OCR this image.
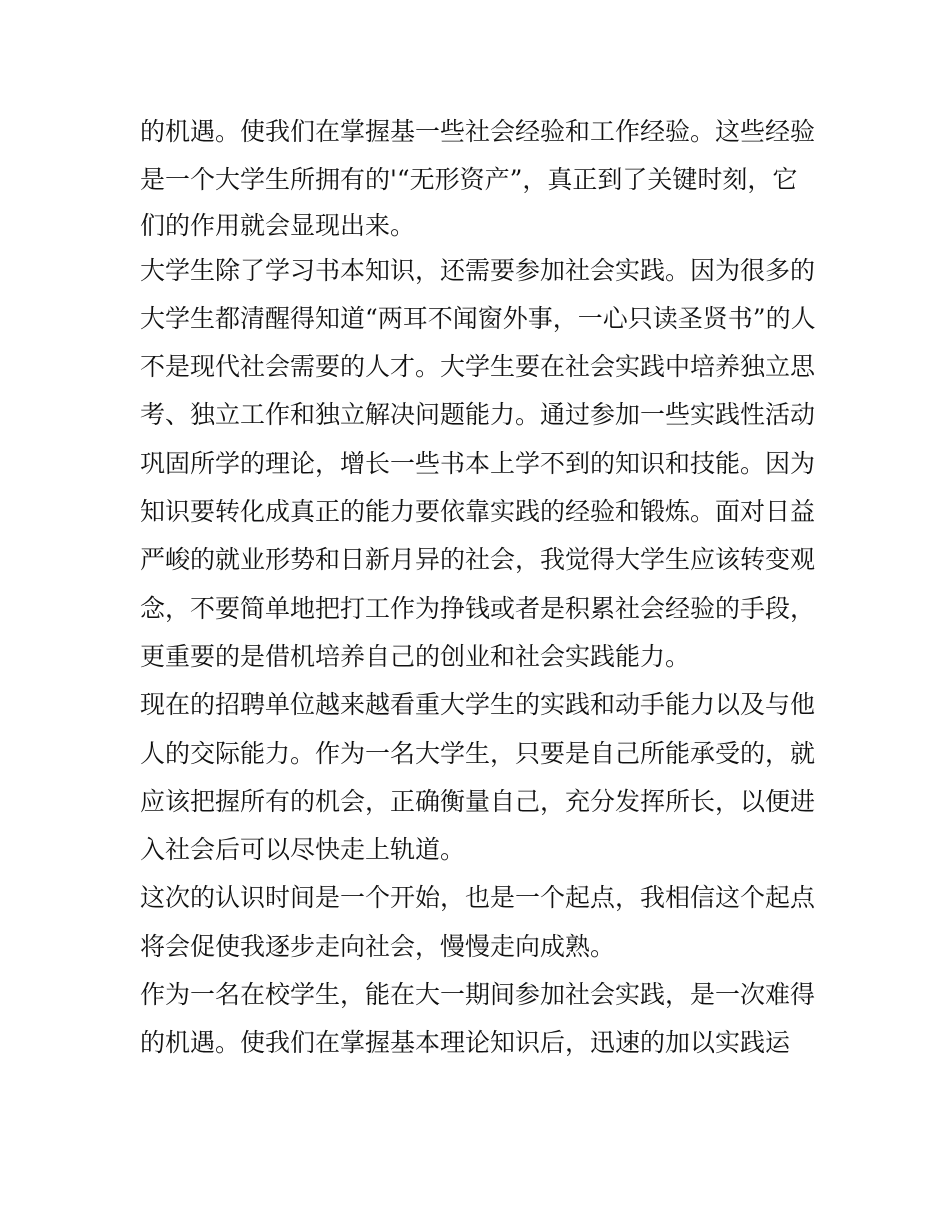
的机遇。使我们在掌握基一些社会经验和工作经验。这些经验

是一个大学生所拥有的'“无形资产”，真正到了关键时刻，它

们的作用就会显现出来。

大学生除了学习书本知识，还需要参加社会实践。因为很多的

大学生都清醒得知道“两耳不闻窗外事，一心只读圣贤书”的人

不是现代社会需要的人才。大学生要在社会实践中培养独立思

考、独立工作和独立解决问题能力。通过参加一些实践性活动

巩固所学的理论，增长一些书本上学不到的知识和技能。因为

知识要转化成真正的能力要依靠实践的经验和锻炼。面对日益

严峻的就业形势和日新月异的社会，我觉得大学生应该转变观

念，不要简单地把打工作为挣钱或者是积累社会经验的手段，

更重要的是借机培养自己的创业和社会实践能力。

现在的招聘单位越来越看重大学生的实践和动手能力以及与他

人的交际能力。作为一名大学生，只要是自己所能承受的，就

应该把握所有的机会，正确衡量自己，充分发挥所长，以便进

入社会后可以尽快走上轨道。

这次的认识时间是一个开始，也是一个起点，我相信这个起点

将会促使我逐步走向社会，慢慢走向成熟。

作为一名在校学生，能在大一期间参加社会实践，是一次难得

的机遇。使我们在掌握基本理论知识后，迅速的加以实践运
